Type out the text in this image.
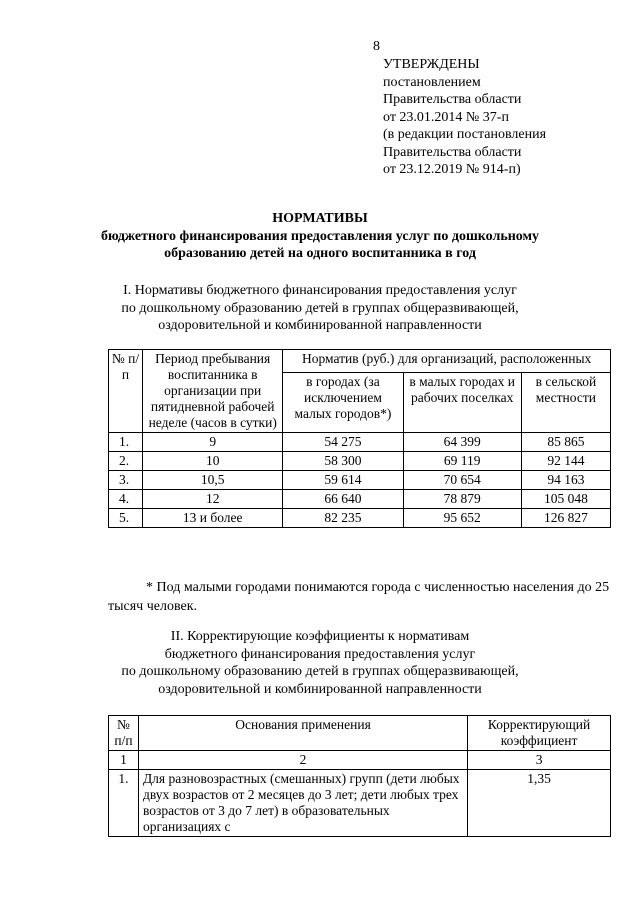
8
УТВЕРЖДЕНЫ
постановлением
Правительства области
от 23.01.2014 № 37-п
(в редакции постановления
Правительства области
от 23.12.2019 № 914-п)
НОРМАТИВЫ
бюджетного финансирования предоставления услуг по дошкольному
образованию детей на одного воспитанника в год
I. Нормативы бюджетного финансирования предоставления услуг
по дошкольному образованию детей в группах общеразвивающей,
оздоровительной и комбинированной направленности
№ п/п	Период пребывания воспитанника в организации при пятидневной рабочей неделе (часов в сутки)	Норматив (руб.) для организаций, расположенных		
		в городах (за исключением малых городов*)	в малых городах и рабочих поселках	в сельской местности
1.	9	54 275	64 399	85 865
2.	10	58 300	69 119	92 144
3.	10,5	59 614	70 654	94 163
4.	12	66 640	78 879	105 048
5.	13 и более	82 235	95 652	126 827
* Под малыми городами понимаются города с численностью населения до 25 тысяч человек.
II. Корректирующие коэффициенты к нормативам
бюджетного финансирования предоставления услуг
по дошкольному образованию детей в группах общеразвивающей,
оздоровительной и комбинированной направленности
№ п/п	Основания применения	Корректирующий коэффициент
1	2	3
1.	Для разновозрастных (смешанных) групп (дети любых двух возрастов от 2 месяцев до 3 лет; дети любых трех возрастов от 3 до 7 лет) в образовательных организациях с	1,35
